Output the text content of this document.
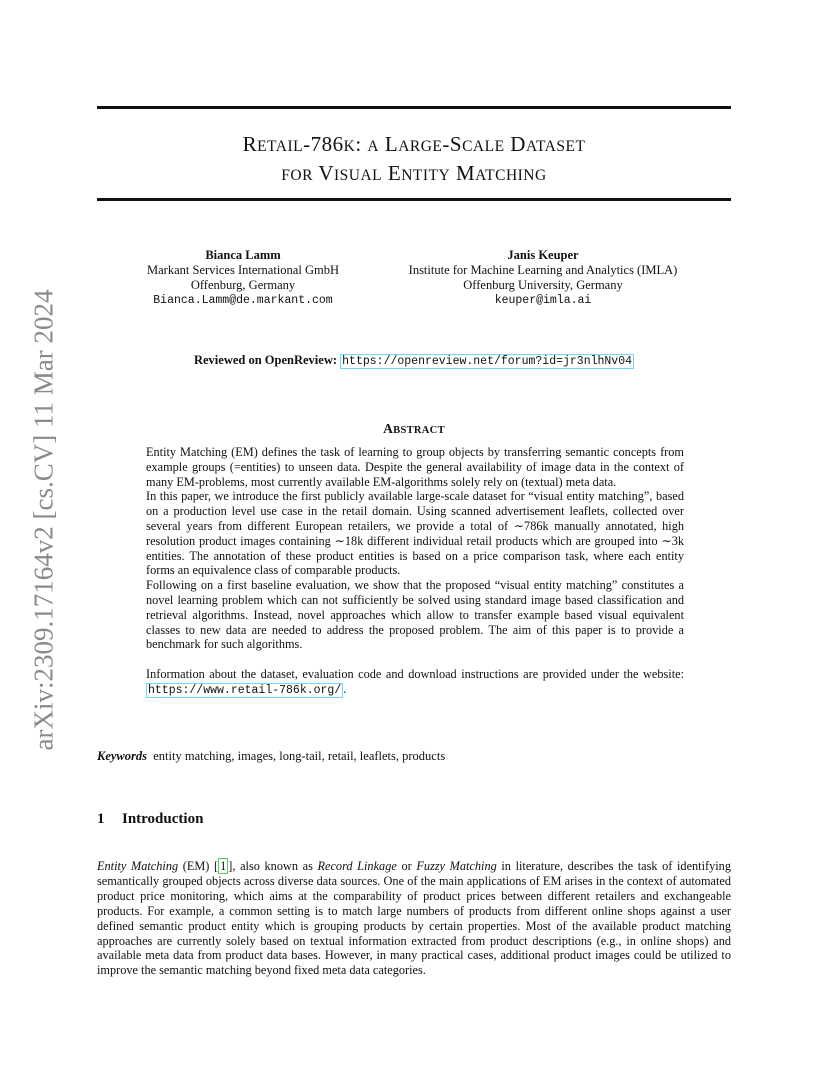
arXiv:2309.17164v2 [cs.CV] 11 Mar 2024
RETAIL-786K: A LARGE-SCALE DATASET
FOR VISUAL ENTITY MATCHING
Bianca Lamm
Markant Services International GmbH
Offenburg, Germany
Bianca.Lamm@de.markant.com
Janis Keuper
Institute for Machine Learning and Analytics (IMLA)
Offenburg University, Germany
keuper@imla.ai
Reviewed on OpenReview: https://openreview.net/forum?id=jr3nlhNv04
ABSTRACT

Entity Matching (EM) defines the task of learning to group objects by transferring semantic concepts from example groups (=entities) to unseen data. Despite the general availability of image data in the context of many EM-problems, most currently available EM-algorithms solely rely on (textual) meta data.

In this paper, we introduce the first publicly available large-scale dataset for “visual entity matching”, based on a production level use case in the retail domain. Using scanned advertisement leaflets, collected over several years from different European retailers, we provide a total of ∼786k manually annotated, high resolution product images containing ∼18k different individual retail products which are grouped into ∼3k entities. The annotation of these product entities is based on a price comparison task, where each entity forms an equivalence class of comparable products.

Following on a first baseline evaluation, we show that the proposed “visual entity matching” constitutes a novel learning problem which can not sufficiently be solved using standard image based classification and retrieval algorithms. Instead, novel approaches which allow to transfer example based visual equivalent classes to new data are needed to address the proposed problem. The aim of this paper is to provide a benchmark for such algorithms.

Information about the dataset, evaluation code and download instructions are provided under the website: https://www.retail-786k.org/ .

Keywords entity matching, images, long-tail, retail, leaflets, products
1 Introduction

Entity Matching (EM) [ 1 ], also known as Record Linkage or Fuzzy Matching in literature, describes the task of identifying semantically grouped objects across diverse data sources. One of the main applications of EM arises in the context of automated product price monitoring, which aims at the comparability of product prices between different retailers and exchangeable products. For example, a common setting is to match large numbers of products from different online shops against a user defined semantic product entity which is grouping products by certain properties. Most of the available product matching approaches are currently solely based on textual information extracted from product descriptions (e.g., in online shops) and available meta data from product data bases. However, in many practical cases, additional product images could be utilized to improve the semantic matching beyond fixed meta data categories.
